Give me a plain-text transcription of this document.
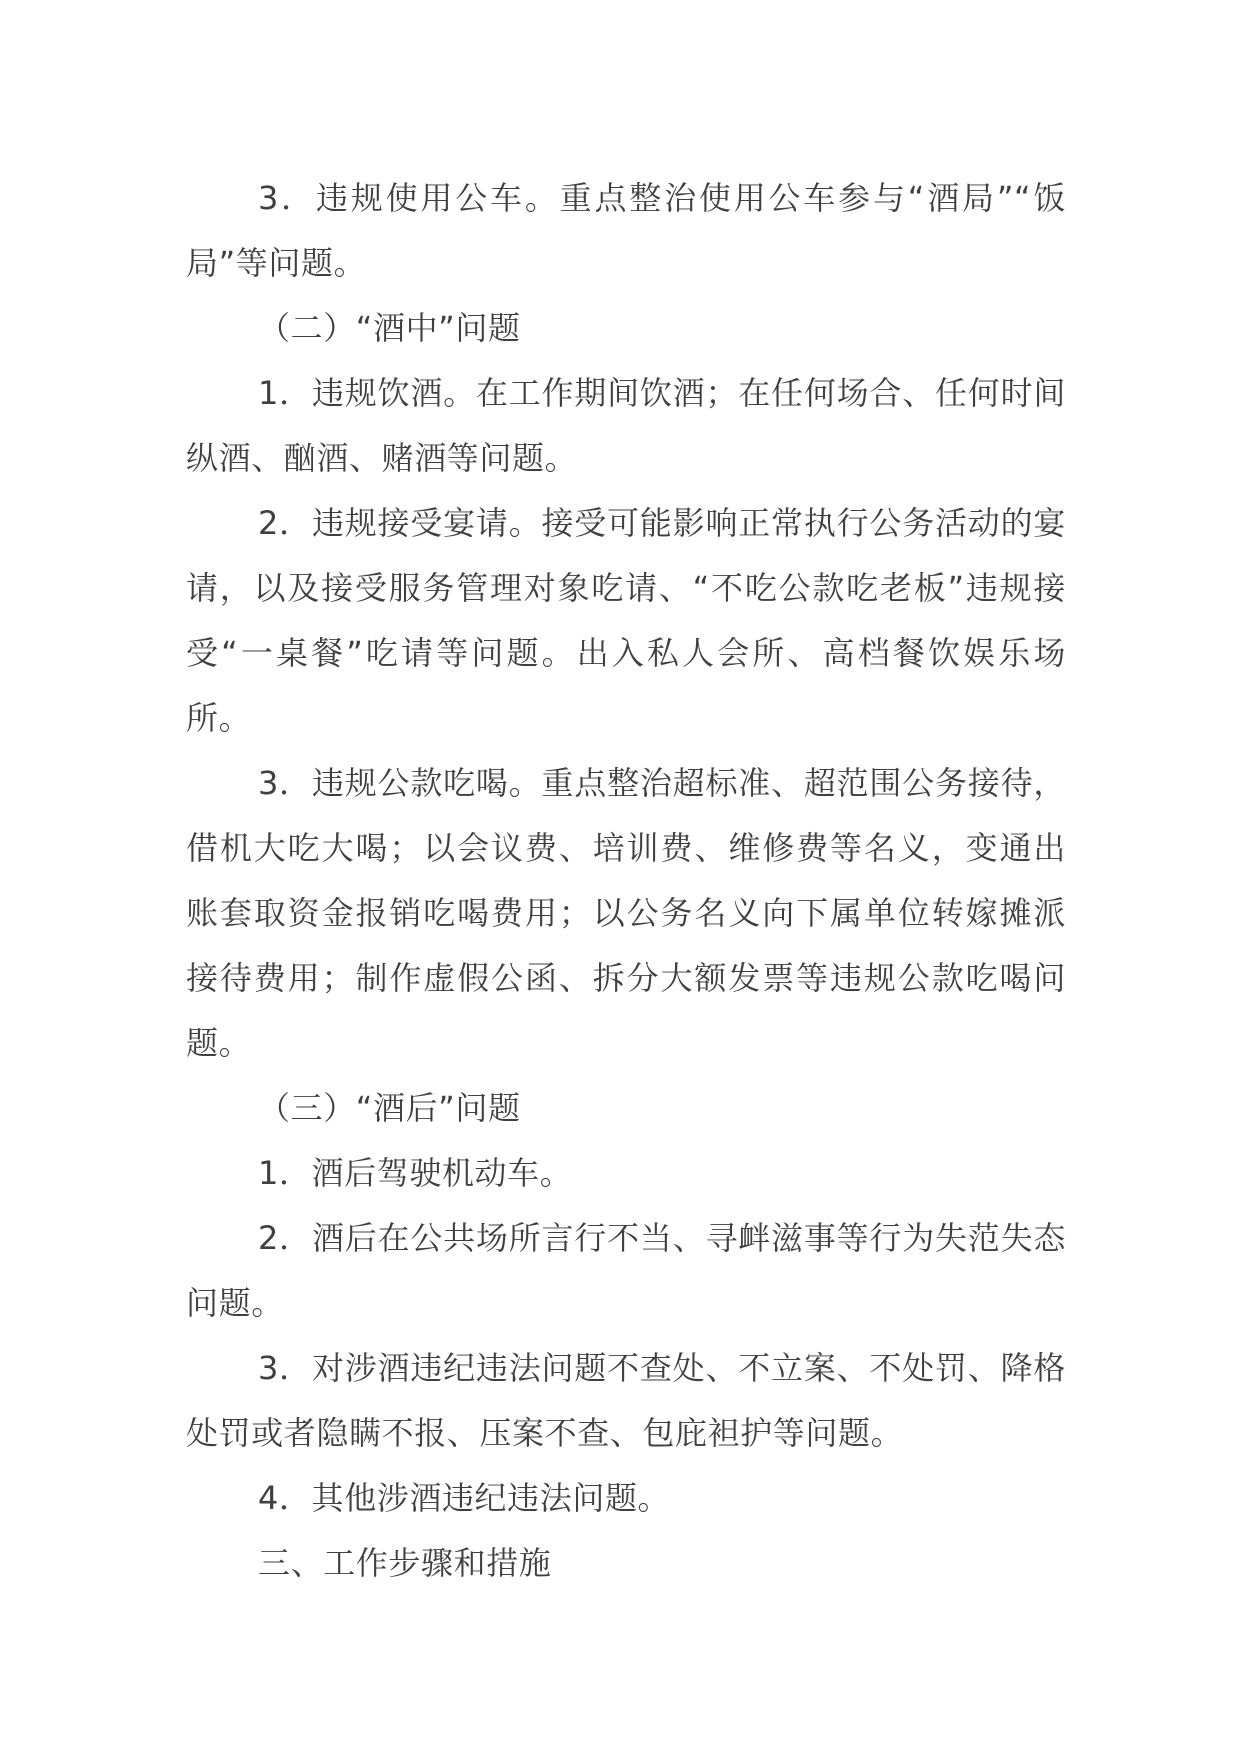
3．违规使用公车。重点整治使用公车参与“酒局”“饭局”等问题。

（二）“酒中”问题

1．违规饮酒。在工作期间饮酒；在任何场合、任何时间纵酒、酗酒、赌酒等问题。

2．违规接受宴请。接受可能影响正常执行公务活动的宴请，以及接受服务管理对象吃请、“不吃公款吃老板”违规接受“一桌餐”吃请等问题。出入私人会所、高档餐饮娱乐场所。

3．违规公款吃喝。重点整治超标准、超范围公务接待，借机大吃大喝；以会议费、培训费、维修费等名义，变通出账套取资金报销吃喝费用；以公务名义向下属单位转嫁摊派接待费用；制作虚假公函、拆分大额发票等违规公款吃喝问题。

（三）“酒后”问题

1．酒后驾驶机动车。

2．酒后在公共场所言行不当、寻衅滋事等行为失范失态问题。

3．对涉酒违纪违法问题不查处、不立案、不处罚、降格处罚或者隐瞒不报、压案不查、包庇袒护等问题。

4．其他涉酒违纪违法问题。

三、工作步骤和措施
